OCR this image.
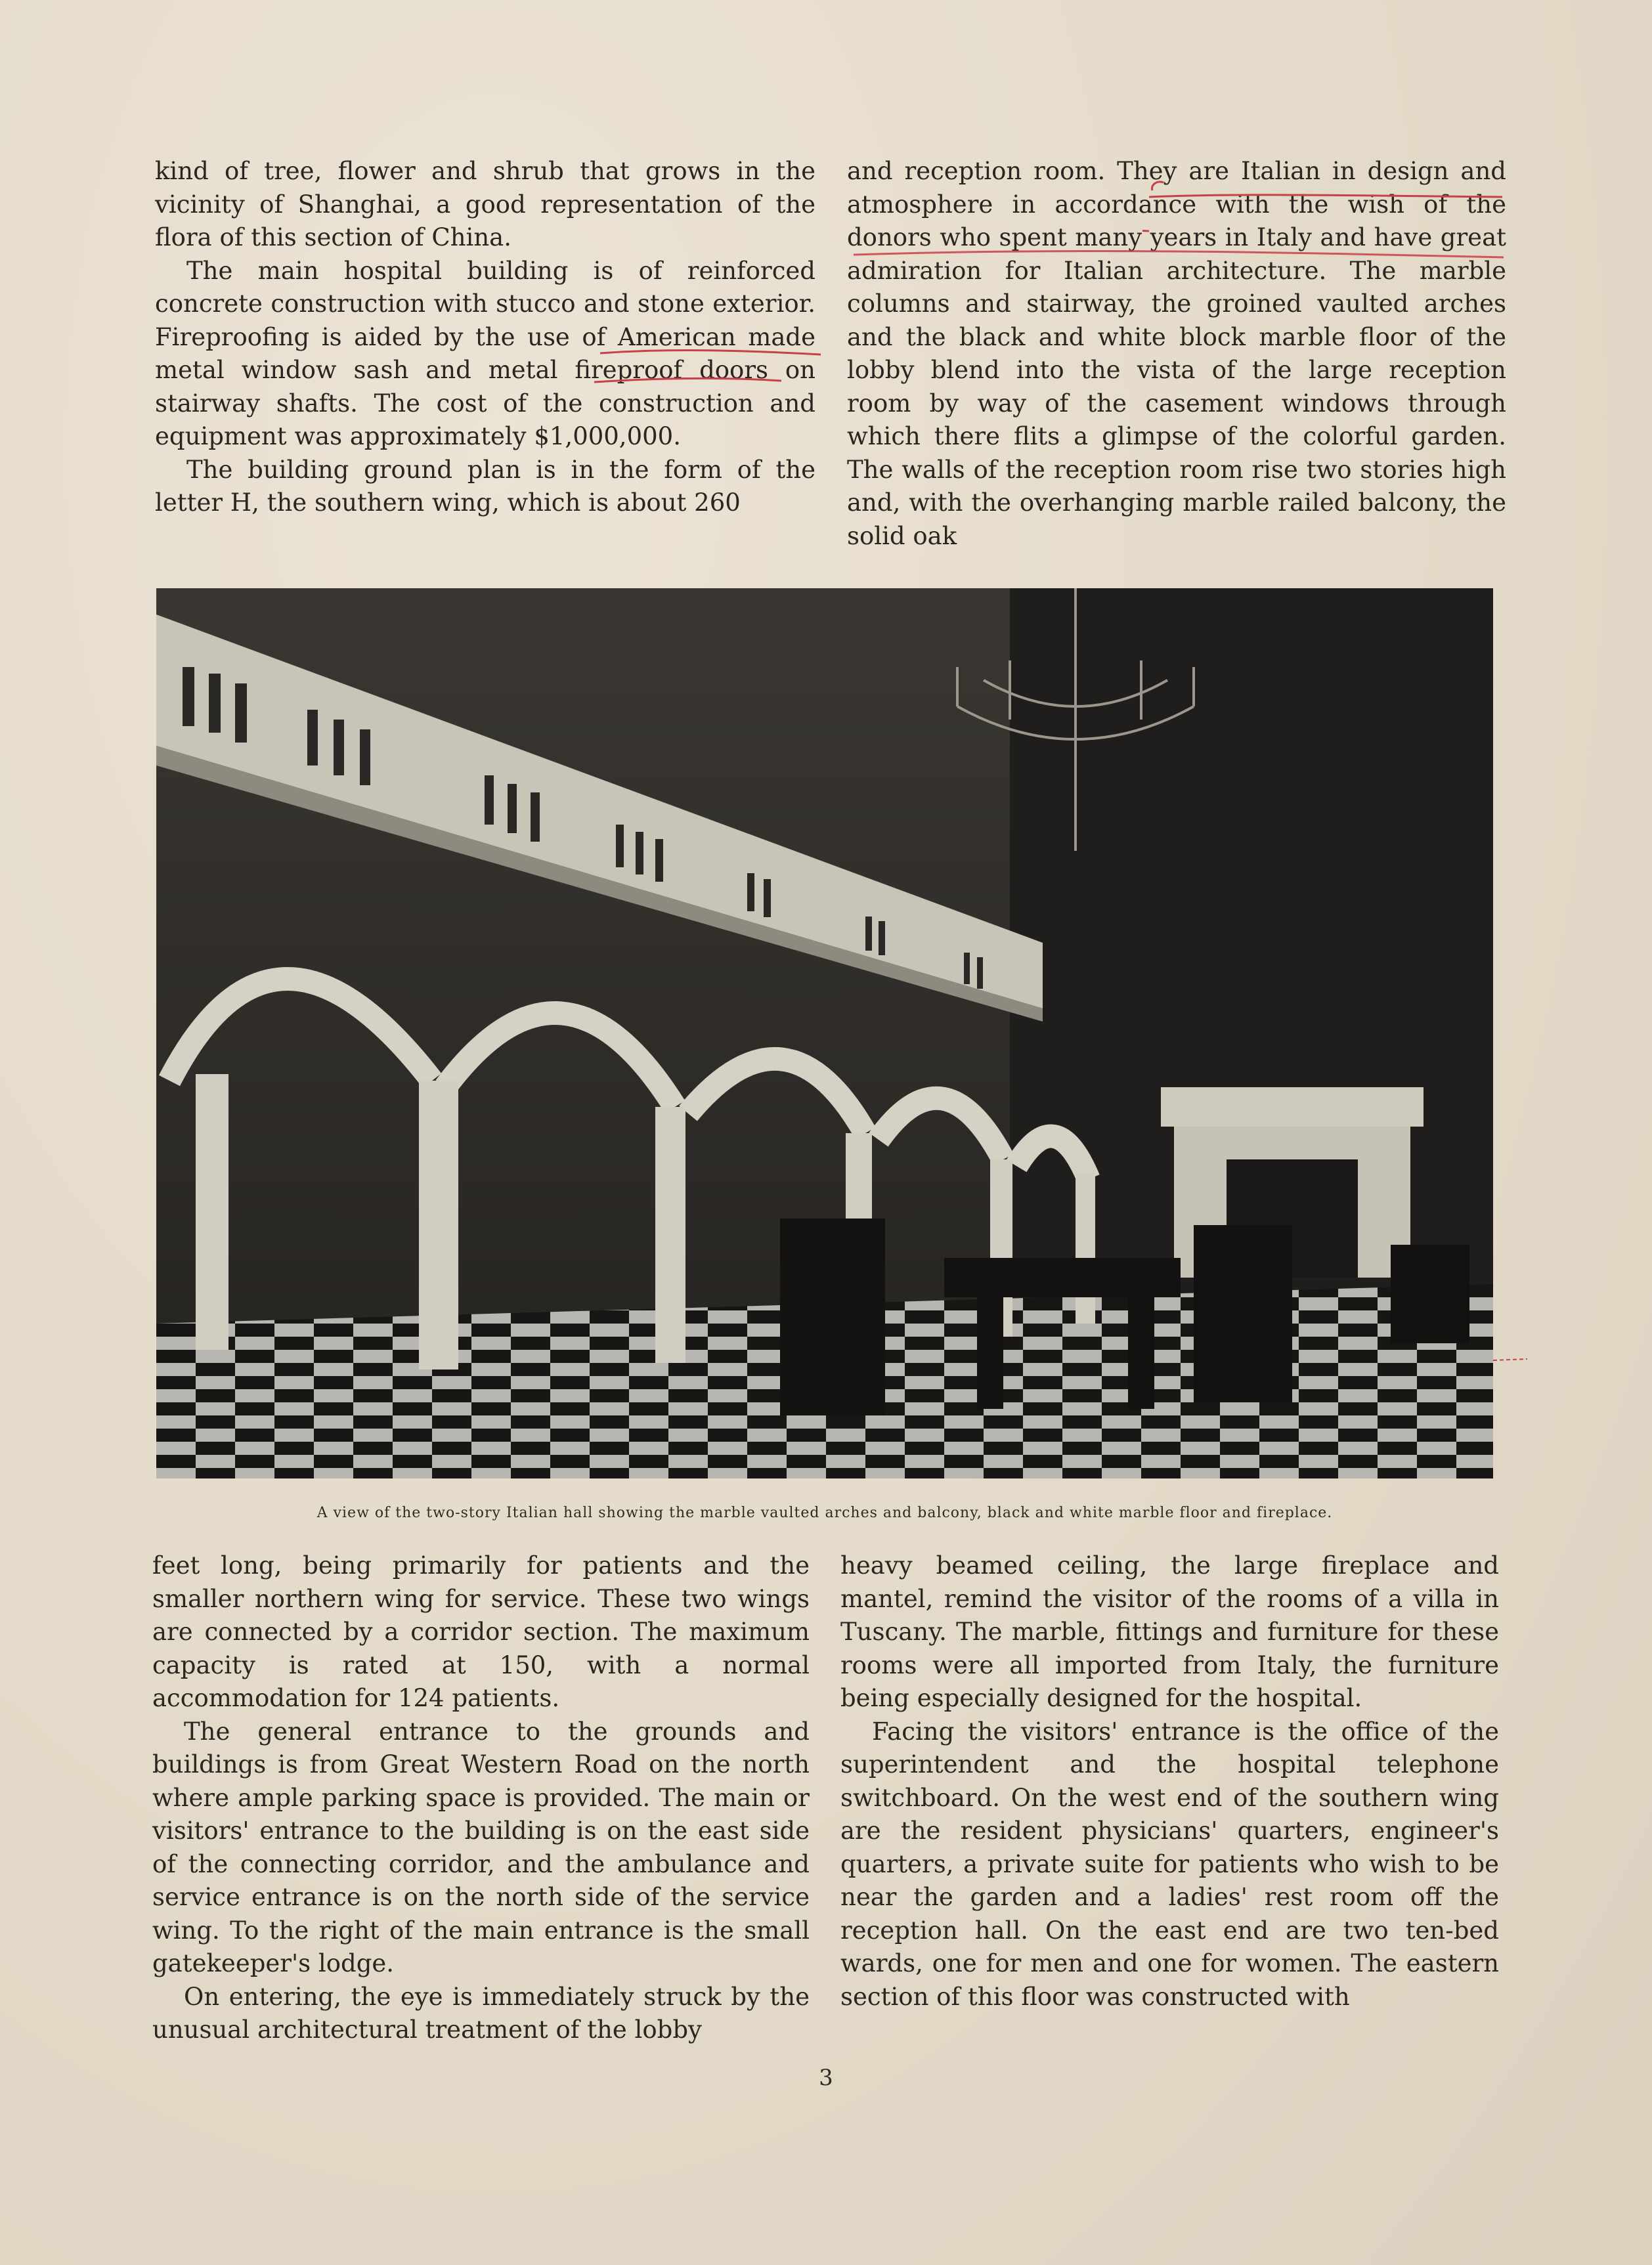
kind of tree, flower and shrub that grows in the vicinity of Shanghai, a good representation of the flora of this section of China.

The main hospital building is of reinforced concrete construction with stucco and stone exterior. Fireproofing is aided by the use of American made metal window sash and metal fireproof doors on stairway shafts. The cost of the construction and equipment was approximately $1,000,000.

The building ground plan is in the form of the letter H, the southern wing, which is about 260

and reception room. They are Italian in design and atmosphere in accordance with the wish of the donors who spent many years in Italy and have great admiration for Italian architecture. The marble columns and stairway, the groined vaulted arches and the black and white block marble floor of the lobby blend into the vista of the large reception room by way of the casement windows through which there flits a glimpse of the colorful garden. The walls of the reception room rise two stories high and, with the overhanging marble railed balcony, the solid oak

A view of the two-story Italian hall showing the marble vaulted arches and balcony, black and white marble floor and fireplace.

feet long, being primarily for patients and the smaller northern wing for service. These two wings are connected by a corridor section. The maximum capacity is rated at 150, with a normal accommodation for 124 patients.

The general entrance to the grounds and buildings is from Great Western Road on the north where ample parking space is provided. The main or visitors' entrance to the building is on the east side of the connecting corridor, and the ambulance and service entrance is on the north side of the service wing. To the right of the main entrance is the small gatekeeper's lodge.

On entering, the eye is immediately struck by the unusual architectural treatment of the lobby

heavy beamed ceiling, the large fireplace and mantel, remind the visitor of the rooms of a villa in Tuscany. The marble, fittings and furniture for these rooms were all imported from Italy, the furniture being especially designed for the hospital.

Facing the visitors' entrance is the office of the superintendent and the hospital telephone switchboard. On the west end of the southern wing are the resident physicians' quarters, engineer's quarters, a private suite for patients who wish to be near the garden and a ladies' rest room off the reception hall. On the east end are two ten-bed wards, one for men and one for women. The eastern section of this floor was constructed with

3
